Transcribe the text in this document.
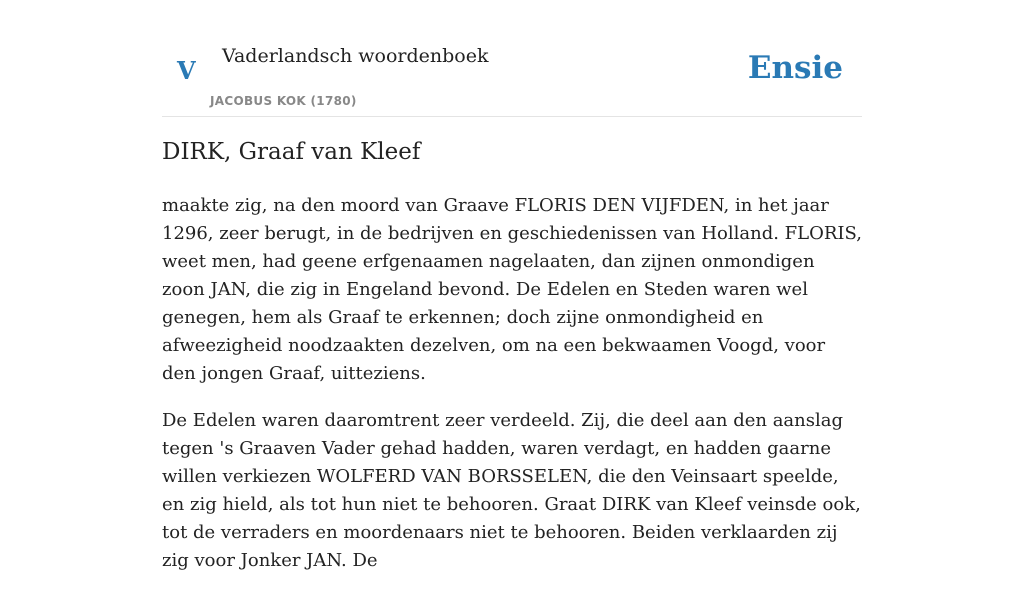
V Vaderlandsch woordenboek
JACOBUS KOK (1780)
Ensie
DIRK, Graaf van Kleef

maakte zig, na den moord van Graave FLORIS DEN VIJFDEN, in het jaar 1296, zeer berugt, in de bedrijven en geschiedenissen van Holland. FLORIS, weet men, had geene erfgenaamen nagelaaten, dan zijnen onmondigen zoon JAN, die zig in Engeland bevond. De Edelen en Steden waren wel genegen, hem als Graaf te erkennen; doch zijne onmondigheid en afweezigheid noodzaakten dezelven, om na een bekwaamen Voogd, voor den jongen Graaf, uitteziens.

De Edelen waren daaromtrent zeer verdeeld. Zij, die deel aan den aanslag tegen 's Graaven Vader gehad hadden, waren verdagt, en hadden gaarne willen verkiezen WOLFERD VAN BORSSELEN, die den Veinsaart speelde, en zig hield, als tot hun niet te behooren. Graat DIRK van Kleef veinsde ook, tot de verraders en moordenaars niet te behooren. Beiden verklaarden zij zig voor Jonker JAN. De
